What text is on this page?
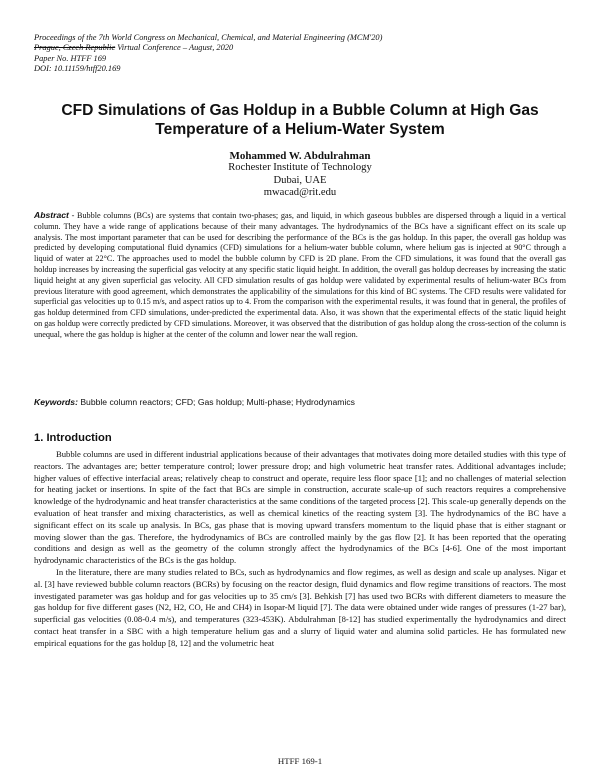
Proceedings of the 7th World Congress on Mechanical, Chemical, and Material Engineering (MCM'20)
Prague, Czech Republic Virtual Conference – August, 2020
Paper No. HTFF 169
DOI: 10.11159/htff20.169
CFD Simulations of Gas Holdup in a Bubble Column at High Gas Temperature of a Helium-Water System
Mohammed W. Abdulrahman
Rochester Institute of Technology
Dubai, UAE
mwacad@rit.edu
Abstract - Bubble columns (BCs) are systems that contain two-phases; gas, and liquid, in which gaseous bubbles are dispersed through a liquid in a vertical column. They have a wide range of applications because of their many advantages. The hydrodynamics of the BCs have a significant effect on its scale up analysis. The most important parameter that can be used for describing the performance of the BCs is the gas holdup. In this paper, the overall gas holdup was predicted by developing computational fluid dynamics (CFD) simulations for a helium-water bubble column, where helium gas is injected at 90°C through a liquid of water at 22°C. The approaches used to model the bubble column by CFD is 2D plane. From the CFD simulations, it was found that the overall gas holdup increases by increasing the superficial gas velocity at any specific static liquid height. In addition, the overall gas holdup decreases by increasing the static liquid height at any given superficial gas velocity. All CFD simulation results of gas holdup were validated by experimental results of helium-water BCs from previous literature with good agreement, which demonstrates the applicability of the simulations for this kind of BC systems. The CFD results were validated for superficial gas velocities up to 0.15 m/s, and aspect ratios up to 4. From the comparison with the experimental results, it was found that in general, the profiles of gas holdup determined from CFD simulations, under-predicted the experimental data. Also, it was shown that the experimental effects of the static liquid height on gas holdup were correctly predicted by CFD simulations. Moreover, it was observed that the distribution of gas holdup along the cross-section of the column is unequal, where the gas holdup is higher at the center of the column and lower near the wall region.
Keywords: Bubble column reactors; CFD; Gas holdup; Multi-phase; Hydrodynamics
1. Introduction

Bubble columns are used in different industrial applications because of their advantages that motivates doing more detailed studies with this type of reactors. The advantages are; better temperature control; lower pressure drop; and high volumetric heat transfer rates. Additional advantages include; higher values of effective interfacial areas; relatively cheap to construct and operate, require less floor space [1]; and no challenges of material selection for heating jacket or insertions. In spite of the fact that BCs are simple in construction, accurate scale-up of such reactors requires a comprehensive knowledge of the hydrodynamic and heat transfer characteristics at the same conditions of the targeted process [2]. This scale-up generally depends on the evaluation of heat transfer and mixing characteristics, as well as chemical kinetics of the reacting system [3]. The hydrodynamics of the BC have a significant effect on its scale up analysis. In BCs, gas phase that is moving upward transfers momentum to the liquid phase that is either stagnant or moving slower than the gas. Therefore, the hydrodynamics of BCs are controlled mainly by the gas flow [2]. It has been reported that the operating conditions and design as well as the geometry of the column strongly affect the hydrodynamics of the BCs [4-6]. One of the most important hydrodynamic characteristics of the BCs is the gas holdup.

In the literature, there are many studies related to BCs, such as hydrodynamics and flow regimes, as well as design and scale up analyses. Nigar et al. [3] have reviewed bubble column reactors (BCRs) by focusing on the reactor design, fluid dynamics and flow regime transitions of reactors. The most investigated parameter was gas holdup and for gas velocities up to 35 cm/s [3]. Behkish [7] has used two BCRs with different diameters to measure the gas holdup for five different gases (N2, H2, CO, He and CH4) in Isopar-M liquid [7]. The data were obtained under wide ranges of pressures (1-27 bar), superficial gas velocities (0.08-0.4 m/s), and temperatures (323-453K). Abdulrahman [8-12] has studied experimentally the hydrodynamics and direct contact heat transfer in a SBC with a high temperature helium gas and a slurry of liquid water and alumina solid particles. He has formulated new empirical equations for the gas holdup [8, 12] and the volumetric heat

HTFF 169-1
